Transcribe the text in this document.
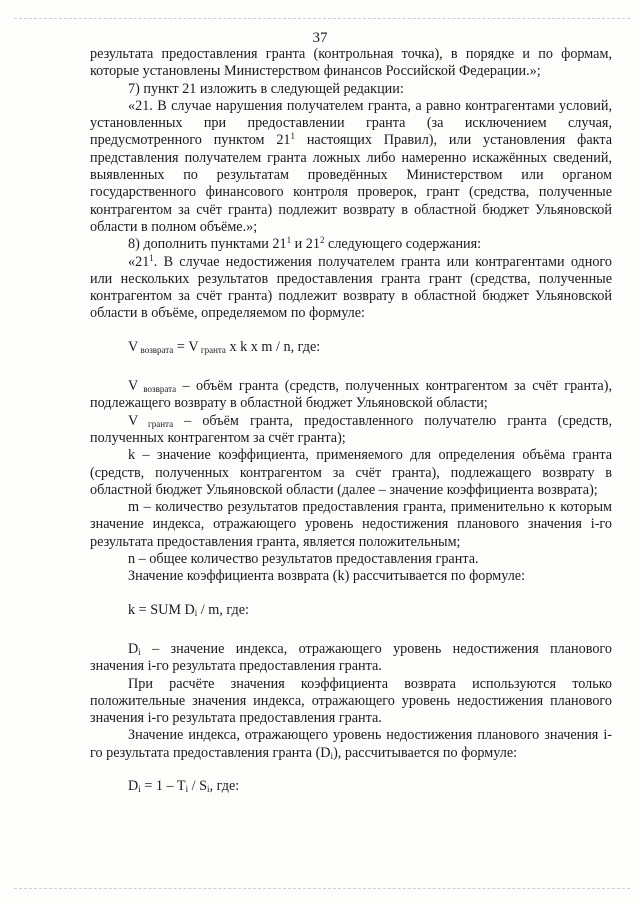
37

результата предоставления гранта (контрольная точка), в порядке и по формам, которые установлены Министерством финансов Российской Федерации.»;

7) пункт 21 изложить в следующей редакции:

«21. В случае нарушения получателем гранта, а равно контрагентами условий, установленных при предоставлении гранта (за исключением случая, предусмотренного пунктом $21^1$ настоящих Правил), или установления факта представления получателем гранта ложных либо намеренно искажённых сведений, выявленных по результатам проведённых Министерством или органом государственного финансового контроля проверок, грант (средства, полученные контрагентом за счёт гранта) подлежит возврату в областной бюджет Ульяновской области в полном объёме.»;

8) дополнить пунктами $21^1$ и $21^2$ следующего содержания:

«$21^1$. В случае недостижения получателем гранта или контрагентами одного или нескольких результатов предоставления гранта грант (средства, полученные контрагентом за счёт гранта) подлежит возврату в областной бюджет Ульяновской области в объёме, определяемом по формуле:

V $_{возврата}$ = V $_{гранта}$ x k x m / n, где:

V $_{возврата}$ – объём гранта (средств, полученных контрагентом за счёт гранта), подлежащего возврату в областной бюджет Ульяновской области;

V $_{гранта}$ – объём гранта, предоставленного получателю гранта (средств, полученных контрагентом за счёт гранта);

k – значение коэффициента, применяемого для определения объёма гранта (средств, полученных контрагентом за счёт гранта), подлежащего возврату в областной бюджет Ульяновской области (далее – значение коэффициента возврата);

m – количество результатов предоставления гранта, применительно к которым значение индекса, отражающего уровень недостижения планового значения i-го результата предоставления гранта, является положительным;

n – общее количество результатов предоставления гранта.

Значение коэффициента возврата (k) рассчитывается по формуле:

k = SUM $D_i$ / m, где:

$D_i$ – значение индекса, отражающего уровень недостижения планового значения i-го результата предоставления гранта.

При расчёте значения коэффициента возврата используются только положительные значения индекса, отражающего уровень недостижения планового значения i-го результата предоставления гранта.

Значение индекса, отражающего уровень недостижения планового значения i-го результата предоставления гранта $(D_i)$, рассчитывается по формуле:

$D_i = 1 - T_i / S_i$, где:
